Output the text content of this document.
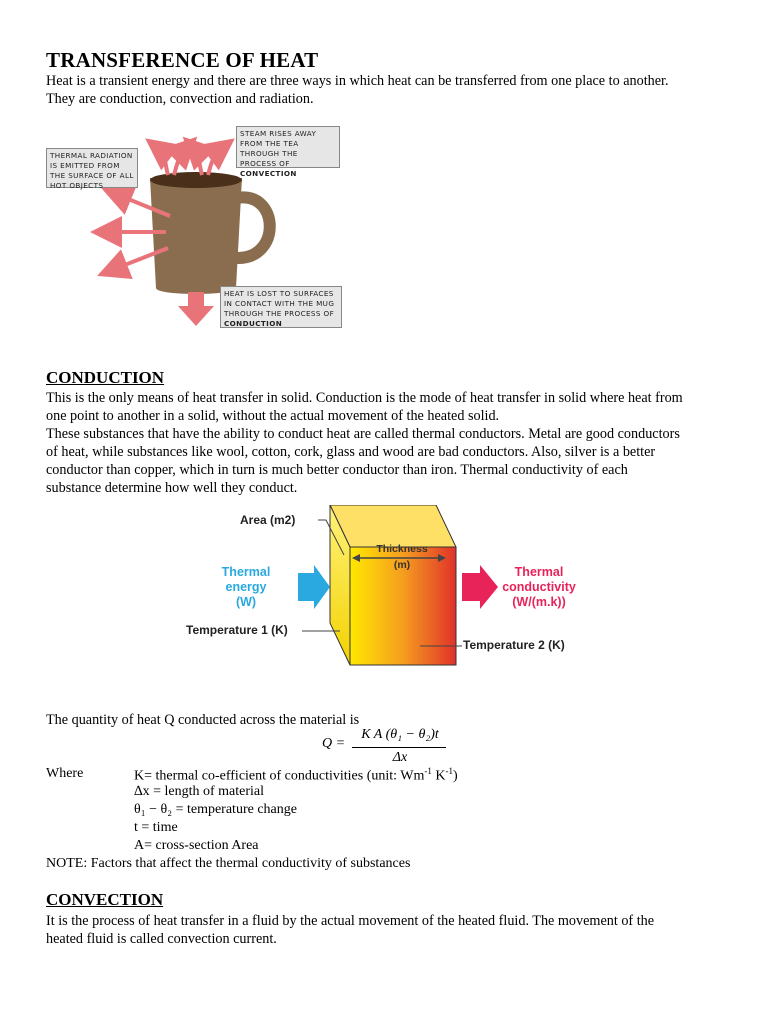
TRANSFERENCE OF HEAT

Heat is a transient energy and there are three ways in which heat can be transferred from one place to another.

They are conduction, convection and radiation.

THERMAL RADIATION IS EMITTED FROM THE SURFACE OF ALL HOT OBJECTS
STEAM RISES AWAY FROM THE TEA THROUGH THE PROCESS OF CONVECTION
HEAT IS LOST TO SURFACES IN CONTACT WITH THE MUG THROUGH THE PROCESS OF CONDUCTION
CONDUCTION

This is the only means of heat transfer in solid. Conduction is the mode of heat transfer in solid where heat from

one point to another in a solid, without the actual movement of the heated solid.

These substances that have the ability to conduct heat are called thermal conductors. Metal are good conductors

of heat, while substances like wool, cotton, cork, glass and wood are bad conductors. Also, silver is a better

conductor than copper, which in turn is much better conductor than iron. Thermal conductivity of each

substance determine how well they conduct.

Area (m2)
Thickness
(m)
Thermal
energy
(W)
Thermal
conductivity
(W/(m.k))
Temperature 1 (K)
Temperature 2 (K)
The quantity of heat Q conducted across the material is
Q =
K A (θ₁ − θ₂)t
Δx
Where	K= thermal co-efficient of conductivities (unit: $Wm^{-1}$ $K^{-1}$)
∆x = length of material
θ₁ − θ₂ = temperature change
t = time
A= cross-section Area
NOTE: Factors that affect the thermal conductivity of substances
CONVECTION

It is the process of heat transfer in a fluid by the actual movement of the heated fluid. The movement of the

heated fluid is called convection current.
